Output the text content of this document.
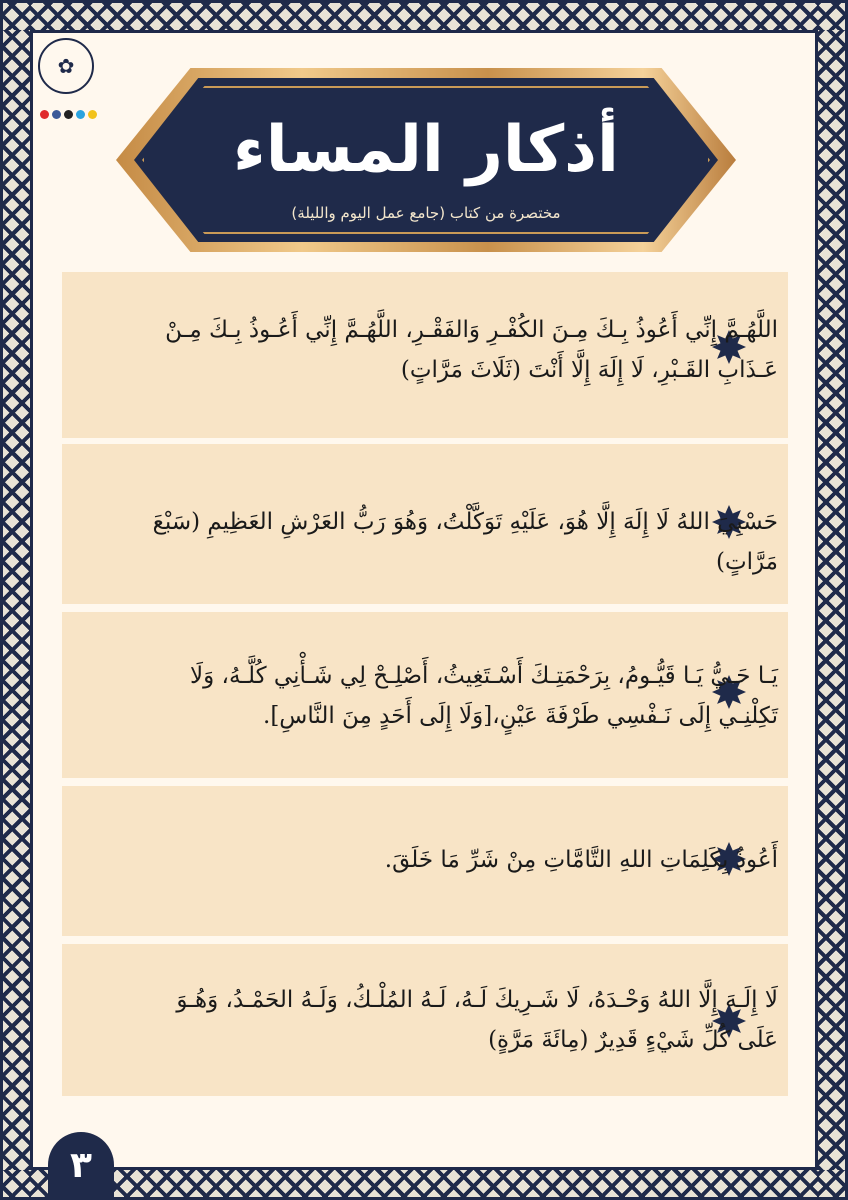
✿
أذكار المساء
مختصرة من كتاب (جامع عمل اليوم والليلة)
اللَّهُـمَّ إِنِّي أَعُوذُ بِـكَ مِـنَ الكُفْـرِ وَالفَقْـرِ، اللَّهُـمَّ إِنِّي أَعُـوذُ بِـكَ مِـنْ عَـذَابِ القَـبْرِ، لَا إِلَهَ إِلَّا أَنْتَ (ثَلَاثَ مَرَّاتٍ)
حَسْبِيَ اللهُ لَا إِلَهَ إِلَّا هُوَ، عَلَيْهِ تَوَكَّلْتُ، وَهُوَ رَبُّ العَرْشِ العَظِيمِ (سَبْعَ مَرَّاتٍ)
يَـا حَـيُّ يَـا قَيُّـومُ، بِرَحْمَتِـكَ أَسْـتَغِيثُ، أَصْلِـحْ لِي شَـأْنِي كُلَّـهُ، وَلَا تَكِلْنِـي إِلَى نَـفْسِي طَرْفَةَ عَيْنٍ،[وَلَا إِلَى أَحَدٍ مِنَ النَّاسِ].
أَعُوذُ بِكَلِمَاتِ اللهِ التَّامَّاتِ مِنْ شَرِّ مَا خَلَقَ.
لَا إِلَـهَ إِلَّا اللهُ وَحْـدَهُ، لَا شَـرِيكَ لَـهُ، لَـهُ المُلْـكُ، وَلَـهُ الحَمْـدُ، وَهُـوَ عَلَى كُلِّ شَيْءٍ قَدِيرٌ (مِائَةَ مَرَّةٍ)
٣
